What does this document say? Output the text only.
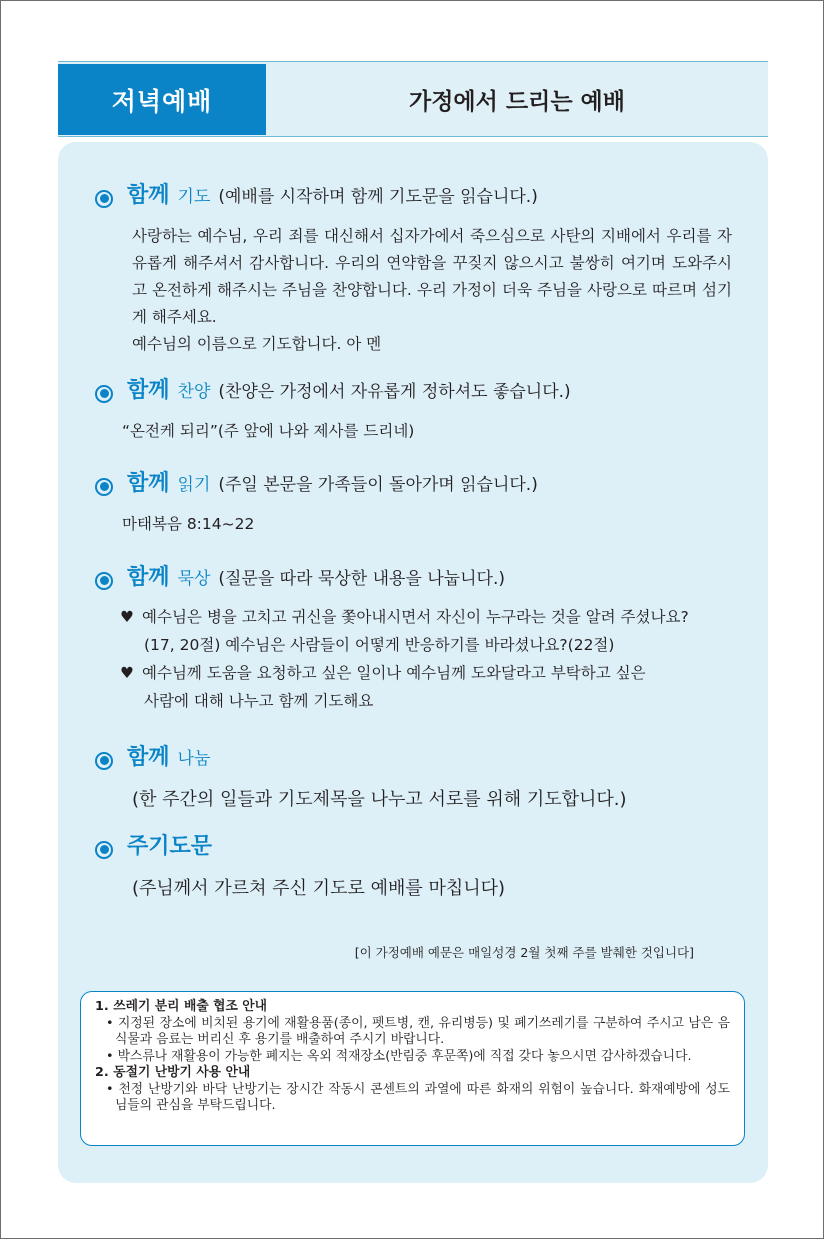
저녁예배	가정에서 드리는 예배
함께 기도 (예배를 시작하며 함께 기도문을 읽습니다.)
사랑하는 예수님, 우리 죄를 대신해서 십자가에서 죽으심으로 사탄의 지배에서 우리를 자유롭게 해주셔서 감사합니다. 우리의 연약함을 꾸짖지 않으시고 불쌍히 여기며 도와주시고 온전하게 해주시는 주님을 찬양합니다. 우리 가정이 더욱 주님을 사랑으로 따르며 섬기게 해주세요.
예수님의 이름으로 기도합니다. 아 멘
함께 찬양 (찬양은 가정에서 자유롭게 정하셔도 좋습니다.)
“온전케 되리”(주 앞에 나와 제사를 드리네)
함께 읽기 (주일 본문을 가족들이 돌아가며 읽습니다.)
마태복음 8:14~22
함께 묵상 (질문을 따라 묵상한 내용을 나눕니다.)
♥ 예수님은 병을 고치고 귀신을 쫓아내시면서 자신이 누구라는 것을 알려 주셨나요?
(17, 20절) 예수님은 사람들이 어떻게 반응하기를 바라셨나요?(22절)
♥ 예수님께 도움을 요청하고 싶은 일이나 예수님께 도와달라고 부탁하고 싶은
사람에 대해 나누고 함께 기도해요
함께 나눔
(한 주간의 일들과 기도제목을 나누고 서로를 위해 기도합니다.)
주기도문
(주님께서 가르쳐 주신 기도로 예배를 마칩니다)
[이 가정예배 예문은 매일성경 2월 첫째 주를 발췌한 것입니다]
1. 쓰레기 분리 배출 협조 안내
• 지정된 장소에 비치된 용기에 재활용품(종이, 펫트병, 캔, 유리병등) 및 폐기쓰레기를 구분하여 주시고 남은 음식물과 음료는 버리신 후 용기를 배출하여 주시기 바랍니다.
• 박스류나 재활용이 가능한 폐지는 옥외 적재장소(반림중 후문쪽)에 직접 갖다 놓으시면 감사하겠습니다.
2. 동절기 난방기 사용 안내
• 천정 난방기와 바닥 난방기는 장시간 작동시 콘센트의 과열에 따른 화재의 위험이 높습니다. 화재예방에 성도님들의 관심을 부탁드립니다.
